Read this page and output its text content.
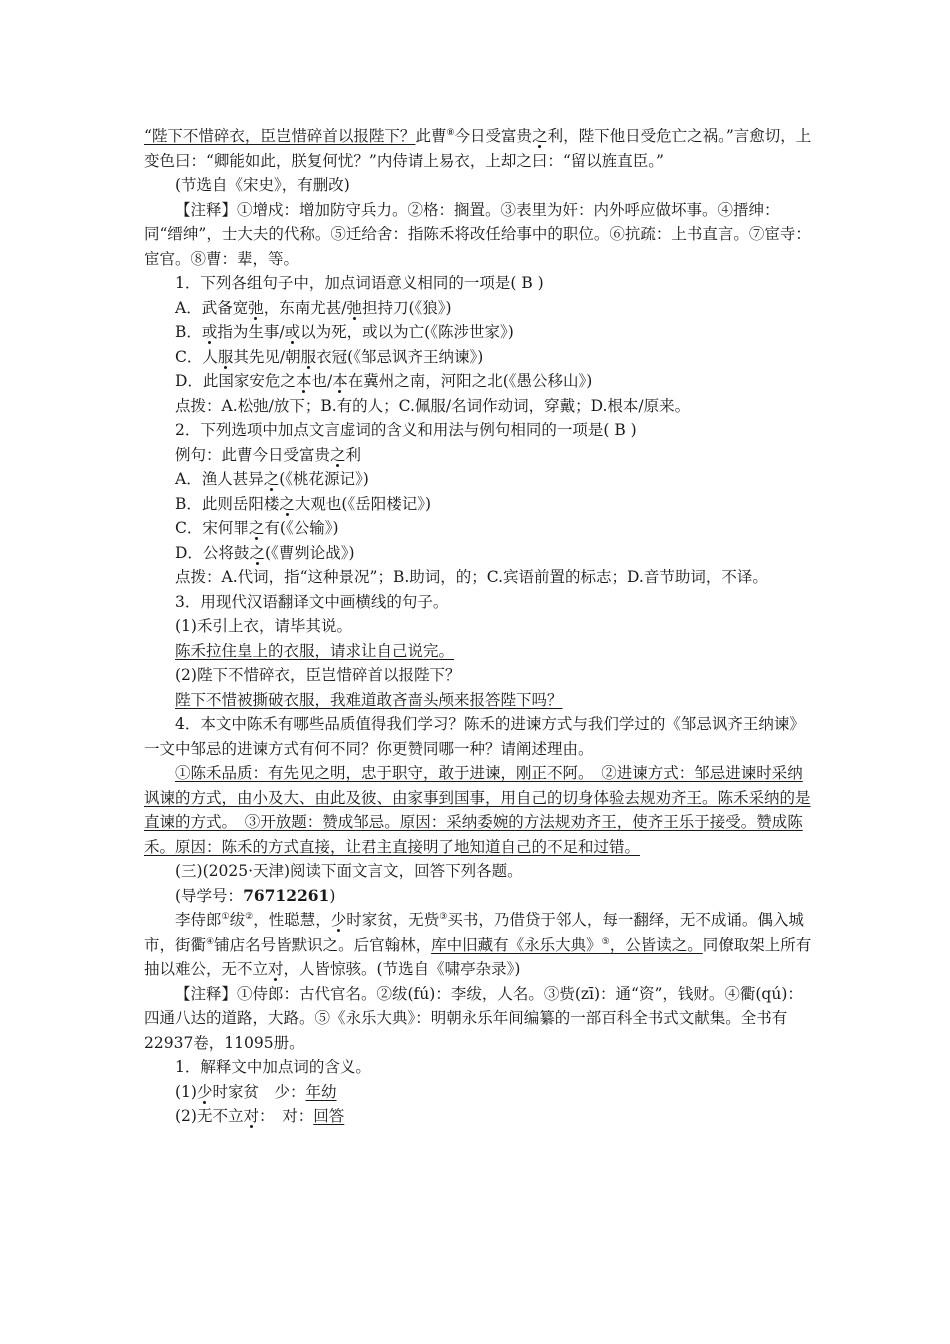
“陛下不惜碎衣，臣岂惜碎首以报陛下？此曹⑧今日受富贵之利，陛下他日受危亡之祸。”言愈切，上变色曰：“卿能如此，朕复何忧？”内侍请上易衣，上却之曰：“留以旌直臣。”

(节选自《宋史》，有删改)

【注释】①增戍：增加防守兵力。②格：搁置。③表里为奸：内外呼应做坏事。④搢绅：同“缙绅”，士大夫的代称。⑤迁给舍：指陈禾将改任给事中的职位。⑥抗疏：上书直言。⑦宦寺：宦官。⑧曹：辈，等。

1．下列各组句子中，加点词语意义相同的一项是( B )

A．武备宽弛，东南尤甚/弛担持刀(《狼》)

B．或指为生事/或以为死，或以为亡(《陈涉世家》)

C．人服其先见/朝服衣冠(《邹忌讽齐王纳谏》)

D．此国家安危之本也/本在冀州之南，河阳之北(《愚公移山》)

点拨：A.松弛/放下；B.有的人；C.佩服/名词作动词，穿戴；D.根本/原来。

2．下列选项中加点文言虚词的含义和用法与例句相同的一项是( B )

例句：此曹今日受富贵之利

A．渔人甚异之(《桃花源记》)

B．此则岳阳楼之大观也(《岳阳楼记》)

C．宋何罪之有(《公输》)

D．公将鼓之(《曹刿论战》)

点拨：A.代词，指“这种景况”；B.助词，的；C.宾语前置的标志；D.音节助词，不译。

3．用现代汉语翻译文中画横线的句子。

(1)禾引上衣，请毕其说。

陈禾拉住皇上的衣服，请求让自己说完。

(2)陛下不惜碎衣，臣岂惜碎首以报陛下？

陛下不惜被撕破衣服，我难道敢吝啬头颅来报答陛下吗？

4．本文中陈禾有哪些品质值得我们学习？陈禾的进谏方式与我们学过的《邹忌讽齐王纳谏》一文中邹忌的进谏方式有何不同？你更赞同哪一种？请阐述理由。

①陈禾品质：有先见之明，忠于职守，敢于进谏，刚正不阿。　②进谏方式：邹忌进谏时采纳讽谏的方式，由小及大、由此及彼、由家事到国事，用自己的切身体验去规劝齐王。陈禾采纳的是直谏的方式。　③开放题：赞成邹忌。原因：采纳委婉的方法规劝齐王，使齐王乐于接受。赞成陈禾。原因：陈禾的方式直接，让君主直接明了地知道自己的不足和过错。

(三)(2025·天津)阅读下面文言文，回答下列各题。

(导学号：76712261)

李侍郎①绂②，性聪慧，少时家贫，无赀③买书，乃借贷于邻人，每一翻绎，无不成诵。偶入城市，街衢④铺店名号皆默识之。后官翰林，库中旧藏有《永乐大典》⑤，公皆读之。同僚取架上所有抽以难公，无不立对，人皆惊骇。(节选自《啸亭杂录》)

【注释】①侍郎：古代官名。②绂(fú)：李绂，人名。③赀(zī)：通“资”，钱财。④衢(qú)：四通八达的道路，大路。⑤《永乐大典》：明朝永乐年间编纂的一部百科全书式文献集。全书有22937卷，11095册。

1．解释文中加点词的含义。

(1)少时家贫　少：年幼

(2)无不立对：　对：回答
